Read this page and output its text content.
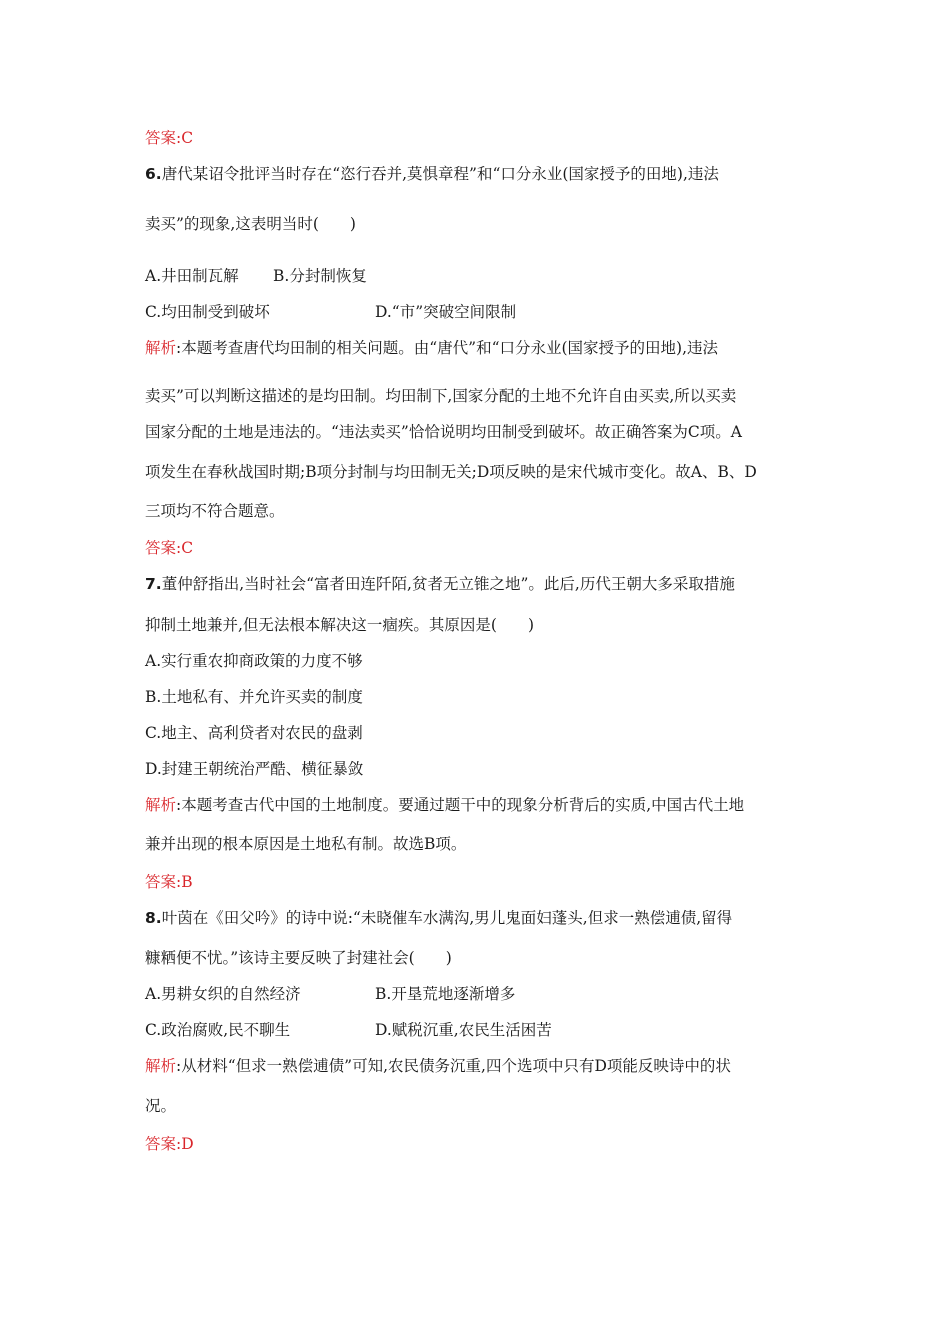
答案:C
6.唐代某诏令批评当时存在“恣行吞并,莫惧章程”和“口分永业(国家授予的田地),违法
卖买”的现象,这表明当时(　　)
A.井田制瓦解 B.分封制恢复
C.均田制受到破坏	D.“市”突破空间限制
解析:本题考查唐代均田制的相关问题。由“唐代”和“口分永业(国家授予的田地),违法
卖买”可以判断这描述的是均田制。均田制下,国家分配的土地不允许自由买卖,所以买卖
国家分配的土地是违法的。“违法卖买”恰恰说明均田制受到破坏。故正确答案为C项。A
项发生在春秋战国时期;B项分封制与均田制无关;D项反映的是宋代城市变化。故A、B、D
三项均不符合题意。
答案:C
7.董仲舒指出,当时社会“富者田连阡陌,贫者无立锥之地”。此后,历代王朝大多采取措施
抑制土地兼并,但无法根本解决这一痼疾。其原因是(　　)
A.实行重农抑商政策的力度不够
B.土地私有、并允许买卖的制度
C.地主、高利贷者对农民的盘剥
D.封建王朝统治严酷、横征暴敛
解析:本题考查古代中国的土地制度。要通过题干中的现象分析背后的实质,中国古代土地
兼并出现的根本原因是土地私有制。故选B项。
答案:B
8.叶茵在《田父吟》的诗中说:“未晓催车水满沟,男儿鬼面妇蓬头,但求一熟偿逋债,留得
糠粞便不忧。”该诗主要反映了封建社会(　　)
A.男耕女织的自然经济	B.开垦荒地逐渐增多
C.政治腐败,民不聊生	D.赋税沉重,农民生活困苦
解析:从材料“但求一熟偿逋债”可知,农民债务沉重,四个选项中只有D项能反映诗中的状
况。
答案:D
